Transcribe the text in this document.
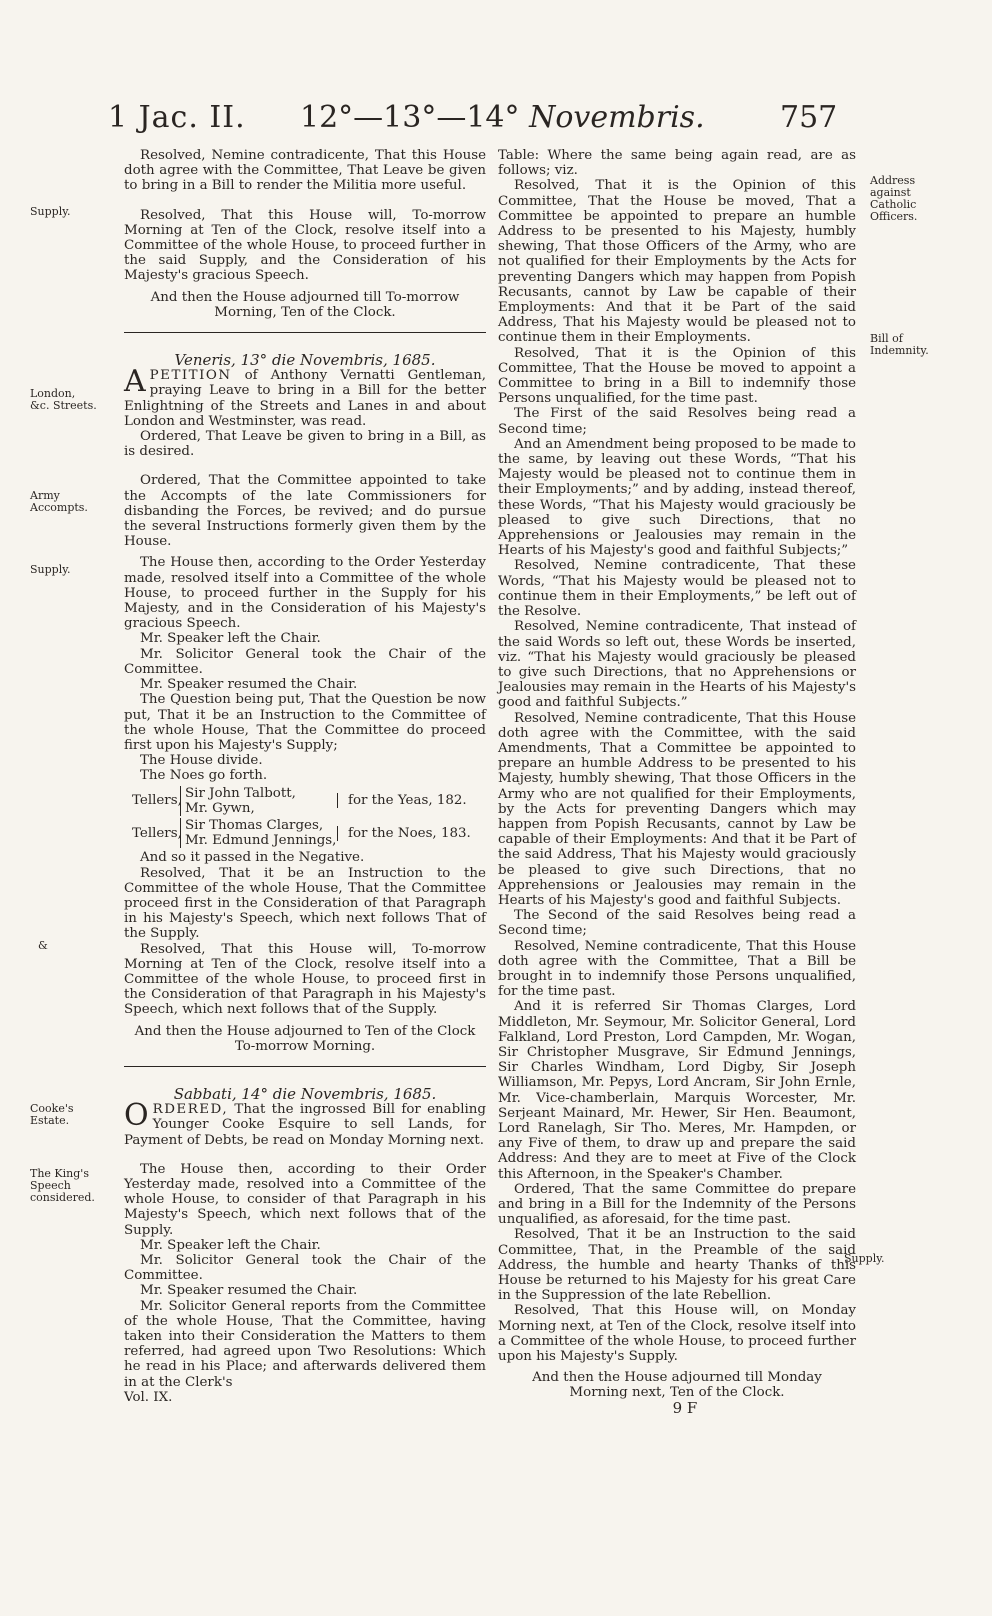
1 Jac. II. 12°—13°—14° Novembris.	757
Supply.
London, &c. Streets.
Army Accompts.
Supply.
&
Cooke's Estate.
The King's Speech considered.
Address against Catholic Officers.
Bill of Indemnity.
Supply.

Resolved, Nemine contradicente, That this House doth agree with the Committee, That Leave be given to bring in a Bill to render the Militia more useful.

Resolved, That this House will, To-morrow Morning at Ten of the Clock, resolve itself into a Committee of the whole House, to proceed further in the said Supply, and the Consideration of his Majesty's gracious Speech.

And then the House adjourned till To-morrow Morning, Ten of the Clock.

Veneris, 13° die Novembris, 1685.

A PETITION of Anthony Vernatti Gentleman, praying Leave to bring in a Bill for the better Enlightning of the Streets and Lanes in and about London and Westminster, was read.

Ordered, That Leave be given to bring in a Bill, as is desired.

Ordered, That the Committee appointed to take the Accompts of the late Commissioners for disbanding the Forces, be revived; and do pursue the several Instructions formerly given them by the House.

The House then, according to the Order Yesterday made, resolved itself into a Committee of the whole House, to proceed further in the Supply for his Majesty, and in the Consideration of his Majesty's gracious Speech.

Mr. Speaker left the Chair.

Mr. Solicitor General took the Chair of the Committee.

Mr. Speaker resumed the Chair.

The Question being put, That the Question be now put, That it be an Instruction to the Committee of the whole House, That the Committee do proceed first upon his Majesty's Supply;

The House divide.

The Noes go forth.

Tellers,
Sir John Talbott,
Mr. Gywn,
for the Yeas, 182.
Tellers,
Sir Thomas Clarges,
Mr. Edmund Jennings,
for the Noes, 183.

And so it passed in the Negative.

Resolved, That it be an Instruction to the Committee of the whole House, That the Committee proceed first in the Consideration of that Paragraph in his Majesty's Speech, which next follows That of the Supply.

Resolved, That this House will, To-morrow Morning at Ten of the Clock, resolve itself into a Committee of the whole House, to proceed first in the Consideration of that Paragraph in his Majesty's Speech, which next follows that of the Supply.

And then the House adjourned to Ten of the Clock To-morrow Morning.

Sabbati, 14° die Novembris, 1685.

O RDERED, That the ingrossed Bill for enabling Younger Cooke Esquire to sell Lands, for Payment of Debts, be read on Monday Morning next.

The House then, according to their Order Yesterday made, resolved into a Committee of the whole House, to consider of that Paragraph in his Majesty's Speech, which next follows that of the Supply.

Mr. Speaker left the Chair.

Mr. Solicitor General took the Chair of the Committee.

Mr. Speaker resumed the Chair.

Mr. Solicitor General reports from the Committee of the whole House, That the Committee, having taken into their Consideration the Matters to them referred, had agreed upon Two Resolutions: Which he read in his Place; and afterwards delivered them in at the Clerk's

Vol. IX.

Table: Where the same being again read, are as follows; viz.

Resolved, That it is the Opinion of this Committee, That the House be moved, That a Committee be appointed to prepare an humble Address to be presented to his Majesty, humbly shewing, That those Officers of the Army, who are not qualified for their Employments by the Acts for preventing Dangers which may happen from Popish Recusants, cannot by Law be capable of their Employments: And that it be Part of the said Address, That his Majesty would be pleased not to continue them in their Employments.

Resolved, That it is the Opinion of this Committee, That the House be moved to appoint a Committee to bring in a Bill to indemnify those Persons unqualified, for the time past.

The First of the said Resolves being read a Second time;

And an Amendment being proposed to be made to the same, by leaving out these Words, “That his Majesty would be pleased not to continue them in their Employments;” and by adding, instead thereof, these Words, “That his Majesty would graciously be pleased to give such Directions, that no Apprehensions or Jealousies may remain in the Hearts of his Majesty's good and faithful Subjects;”

Resolved, Nemine contradicente, That these Words, “That his Majesty would be pleased not to continue them in their Employments,” be left out of the Resolve.

Resolved, Nemine contradicente, That instead of the said Words so left out, these Words be inserted, viz. “That his Majesty would graciously be pleased to give such Directions, that no Apprehensions or Jealousies may remain in the Hearts of his Majesty's good and faithful Subjects.”

Resolved, Nemine contradicente, That this House doth agree with the Committee, with the said Amendments, That a Committee be appointed to prepare an humble Address to be presented to his Majesty, humbly shewing, That those Officers in the Army who are not qualified for their Employments, by the Acts for preventing Dangers which may happen from Popish Recusants, cannot by Law be capable of their Employments: And that it be Part of the said Address, That his Majesty would graciously be pleased to give such Directions, that no Apprehensions or Jealousies may remain in the Hearts of his Majesty's good and faithful Subjects.

The Second of the said Resolves being read a Second time;

Resolved, Nemine contradicente, That this House doth agree with the Committee, That a Bill be brought in to indemnify those Persons unqualified, for the time past.

And it is referred Sir Thomas Clarges, Lord Middleton, Mr. Seymour, Mr. Solicitor General, Lord Falkland, Lord Preston, Lord Campden, Mr. Wogan, Sir Christopher Musgrave, Sir Edmund Jennings, Sir Charles Windham, Lord Digby, Sir Joseph Williamson, Mr. Pepys, Lord Ancram, Sir John Ernle, Mr. Vice-chamberlain, Marquis Worcester, Mr. Serjeant Mainard, Mr. Hewer, Sir Hen. Beaumont, Lord Ranelagh, Sir Tho. Meres, Mr. Hampden, or any Five of them, to draw up and prepare the said Address: And they are to meet at Five of the Clock this Afternoon, in the Speaker's Chamber.

Ordered, That the same Committee do prepare and bring in a Bill for the Indemnity of the Persons unqualified, as aforesaid, for the time past.

Resolved, That it be an Instruction to the said Committee, That, in the Preamble of the said Address, the humble and hearty Thanks of this House be returned to his Majesty for his great Care in the Suppression of the late Rebellion.

Resolved, That this House will, on Monday Morning next, at Ten of the Clock, resolve itself into a Committee of the whole House, to proceed further upon his Majesty's Supply.

And then the House adjourned till Monday Morning next, Ten of the Clock.

9 F
